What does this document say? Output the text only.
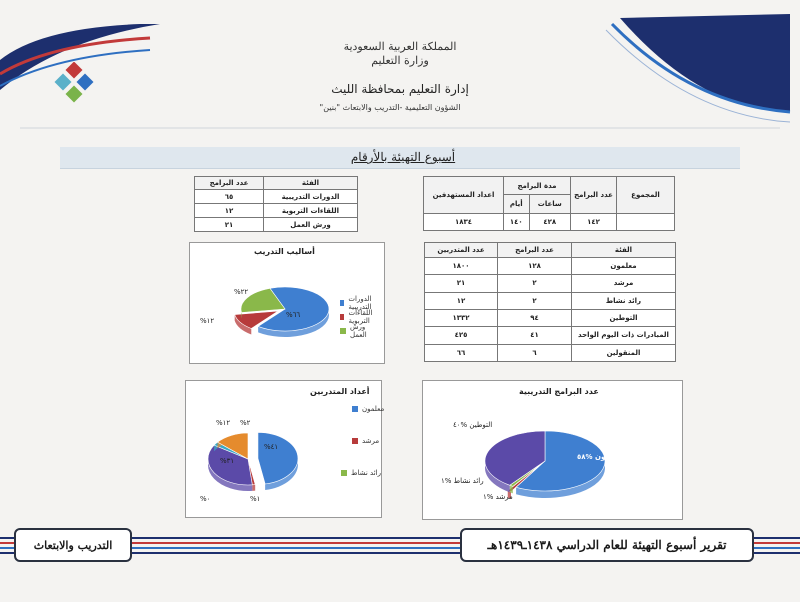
المملكة العربية السعودية
وزارة التعليم
إدارة التعليم بمحافظة الليث
الشؤون التعليمية -التدريب والابتعاث "بنين"
أسبوع التهيئة بالأرقام
المجموع	عدد البرامج	مدة البرامج		اعداد المستهدفين
		ساعات	أيام	
	١٤٢	٤٢٨	١٤٠	١٨٣٤
الفئة	عدد البرامج
الدورات التدريبية	٦٥
اللقاءات التربوية	١٢
ورش العمل	٢١
الفئة	عدد البرامج	عدد المتدربين
معلمون	١٢٨	١٨٠٠
مرشد	٢	٢١
رائد نشاط	٢	١٢
التوطين	٩٤	١٣٣٢
المبادرات ذات اليوم الواحد	٤١	٤٢٥
المنقولين	٦	٦٦
أساليب التدريب
الدورات التدريبية
اللقاءات التربوية
ورش العمل
%٦٦
%١٢
%٢٢
أعداد المتدربين
معلمون
مرشد
رائد نشاط
%٤١
%١
%٠
%٣١
%٢
%١٢
عدد البرامج التدريبية
معلمون %٥٨
مرشد %١
رائد نشاط %١
التوطين %٤٠
تقرير أسبوع التهيئة للعام الدراسي ١٤٣٨ـ١٤٣٩هـ
التدريب والابتعاث
